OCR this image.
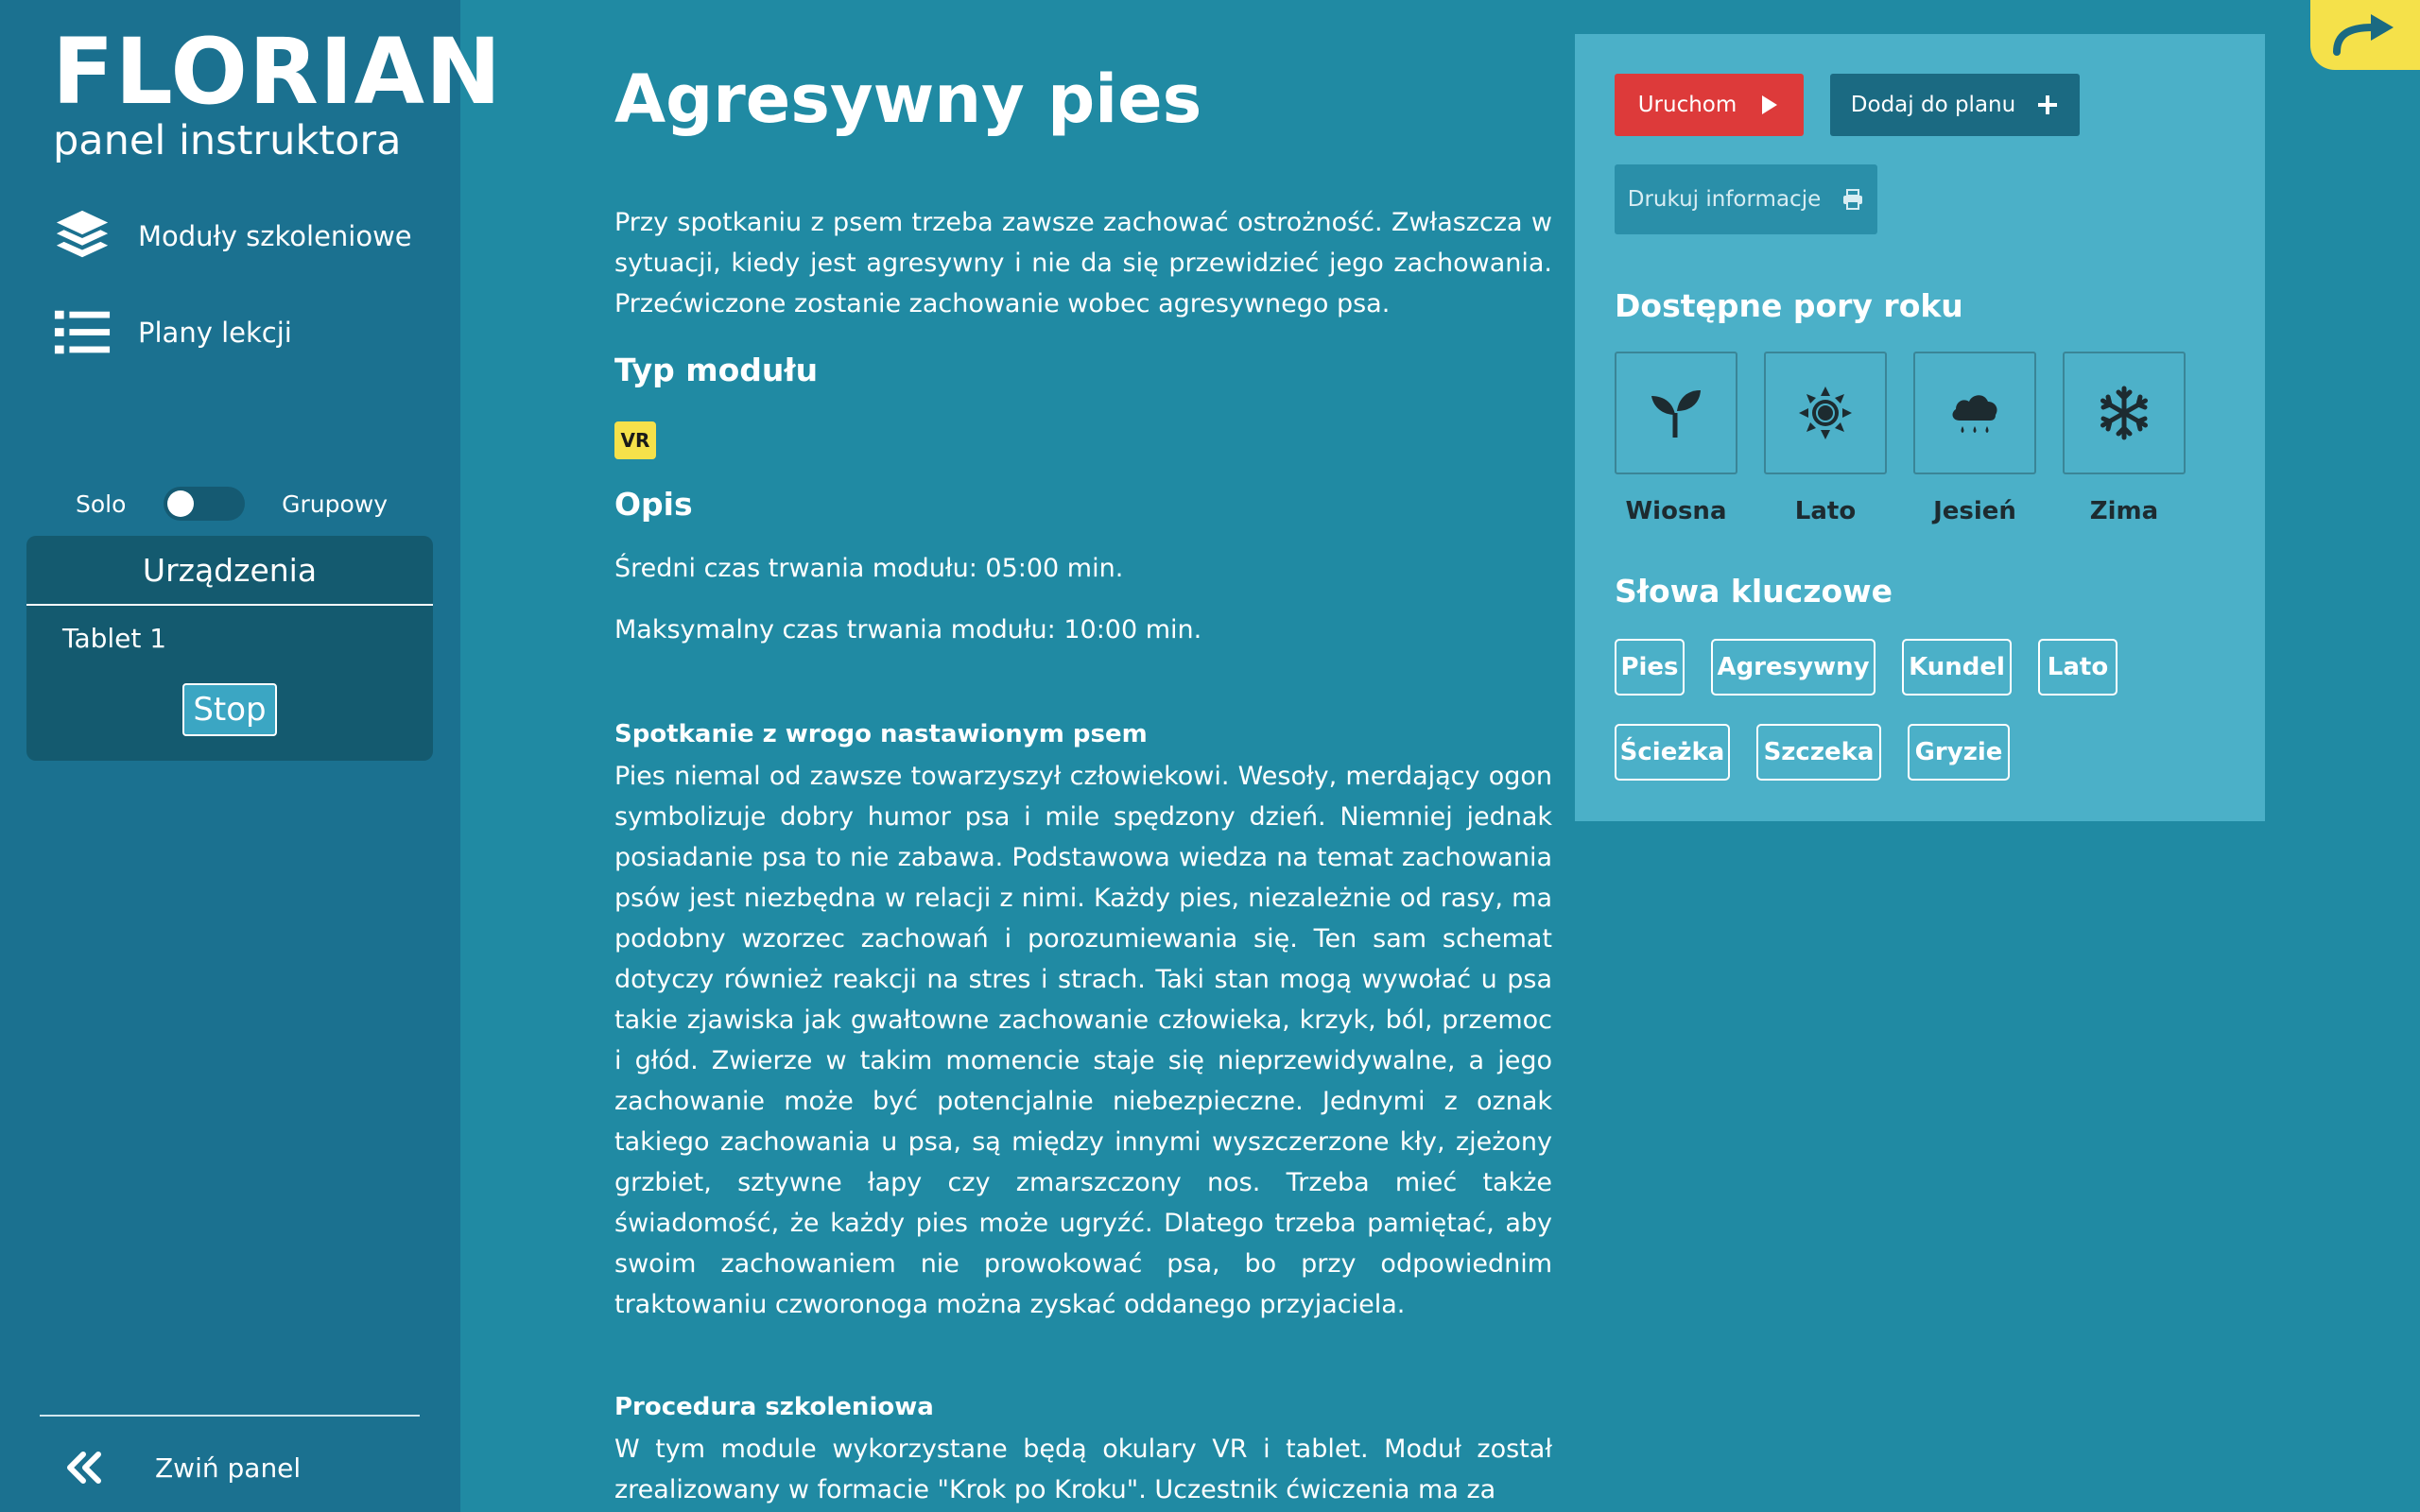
FLORIAN
panel instruktora
Moduły szkoleniowe
Plany lekcji
Solo	Grupowy
Urządzenia
Tablet 1
Stop
Zwiń panel
Agresywny pies

Przy spotkaniu z psem trzeba zawsze zachować ostrożność. Zwłaszcza w sytuacji, kiedy jest agresywny i nie da się przewidzieć jego zachowania. Przećwiczone zostanie zachowanie wobec agresywnego psa.

Typ modułu
VR
Opis
Średni czas trwania modułu: 05:00 min.
Maksymalny czas trwania modułu: 10:00 min.
Spotkanie z wrogo nastawionym psem

Pies niemal od zawsze towarzyszył człowiekowi. Wesoły, merdający ogon symbolizuje dobry humor psa i mile spędzony dzień. Niemniej jednak posiadanie psa to nie zabawa. Podstawowa wiedza na temat zachowania psów jest niezbędna w relacji z nimi. Każdy pies, niezależnie od rasy, ma podobny wzorzec zachowań i porozumiewania się. Ten sam schemat dotyczy również reakcji na stres i strach. Taki stan mogą wywołać u psa takie zjawiska jak gwałtowne zachowanie człowieka, krzyk, ból, przemoc i głód. Zwierze w takim momencie staje się nieprzewidywalne, a jego zachowanie może być potencjalnie niebezpieczne. Jednymi z oznak takiego zachowania u psa, są między innymi wyszczerzone kły, zjeżony grzbiet, sztywne łapy czy zmarszczony nos. Trzeba mieć także świadomość, że każdy pies może ugryźć. Dlatego trzeba pamiętać, aby swoim zachowaniem nie prowokować psa, bo przy odpowiednim traktowaniu czworonoga można zyskać oddanego przyjaciela.

Procedura szkoleniowa

W tym module wykorzystane będą okulary VR i tablet. Moduł został zrealizowany w formacie "Krok po Kroku". Uczestnik ćwiczenia ma za

Uruchom	Dodaj do planu
Drukuj informacje
Dostępne pory roku
Wiosna	Lato	Jesień	Zima
Słowa kluczowe
Pies Agresywny Kundel	Lato
Ścieżka Szczeka Gryzie
